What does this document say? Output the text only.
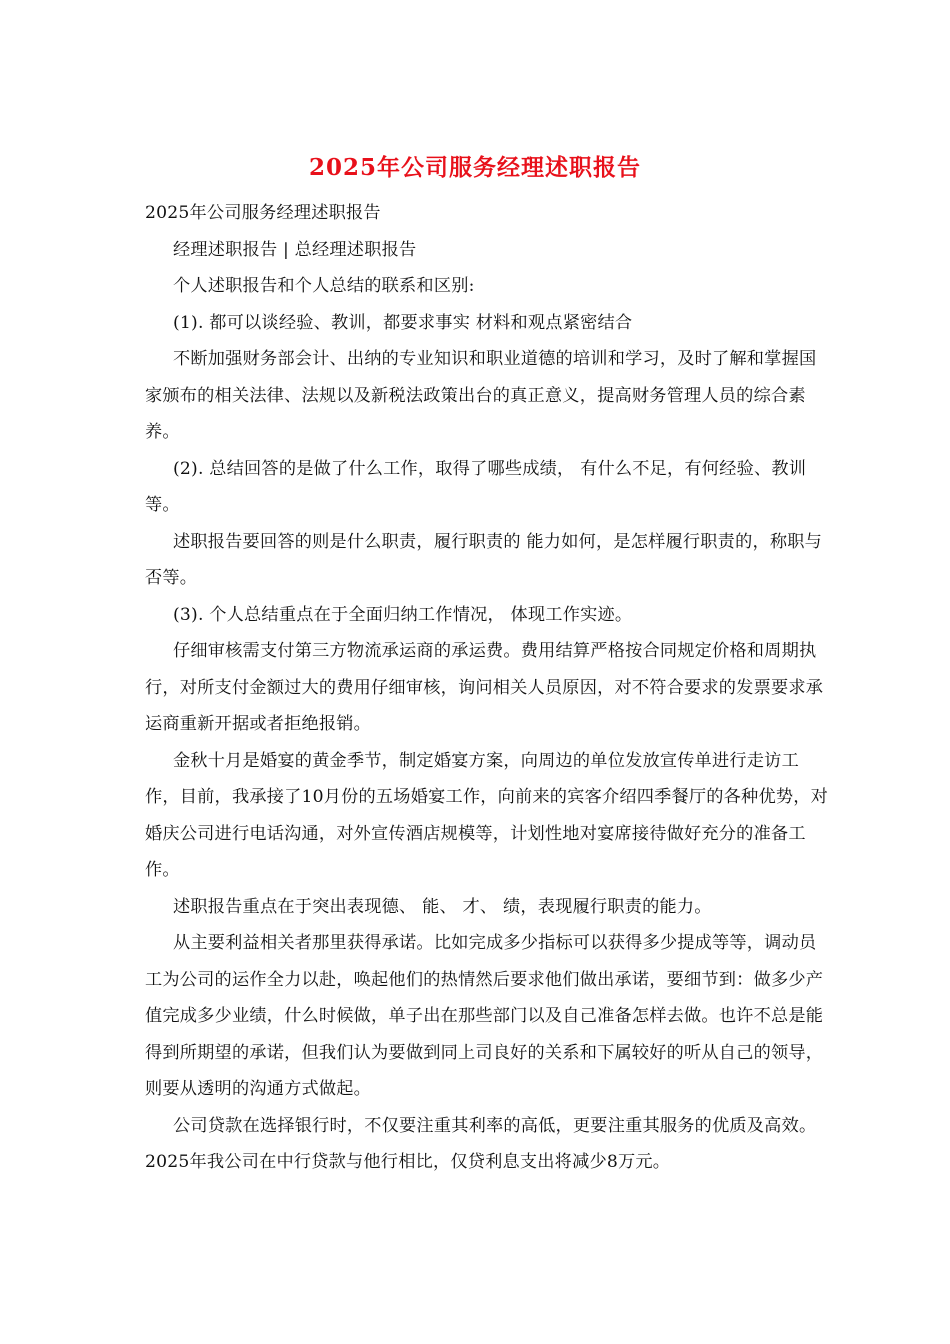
2025年公司服务经理述职报告

2025年公司服务经理述职报告

经理述职报告 | 总经理述职报告

个人述职报告和个人总结的联系和区别:

(1). 都可以谈经验、教训，都要求事实 材料和观点紧密结合

不断加强财务部会计、出纳的专业知识和职业道德的培训和学习，及时了解和掌握国家颁布的相关法律、法规以及新税法政策出台的真正意义，提高财务管理人员的综合素养。

(2). 总结回答的是做了什么工作，取得了哪些成绩， 有什么不足，有何经验、教训等。

述职报告要回答的则是什么职责，履行职责的 能力如何，是怎样履行职责的，称职与否等。

(3). 个人总结重点在于全面归纳工作情况， 体现工作实迹。

仔细审核需支付第三方物流承运商的承运费。费用结算严格按合同规定价格和周期执行，对所支付金额过大的费用仔细审核，询问相关人员原因，对不符合要求的发票要求承运商重新开据或者拒绝报销。

金秋十月是婚宴的黄金季节，制定婚宴方案，向周边的单位发放宣传单进行走访工作，目前，我承接了10月份的五场婚宴工作，向前来的宾客介绍四季餐厅的各种优势，对婚庆公司进行电话沟通，对外宣传酒店规模等，计划性地对宴席接待做好充分的准备工作。

述职报告重点在于突出表现德、 能、 才、 绩，表现履行职责的能力。

从主要利益相关者那里获得承诺。比如完成多少指标可以获得多少提成等等，调动员工为公司的运作全力以赴，唤起他们的热情然后要求他们做出承诺，要细节到：做多少产值完成多少业绩，什么时候做，单子出在那些部门以及自己准备怎样去做。也许不总是能得到所期望的承诺，但我们认为要做到同上司良好的关系和下属较好的听从自己的领导，则要从透明的沟通方式做起。

公司贷款在选择银行时，不仅要注重其利率的高低，更要注重其服务的优质及高效。2025年我公司在中行贷款与他行相比，仅贷利息支出将减少8万元。
